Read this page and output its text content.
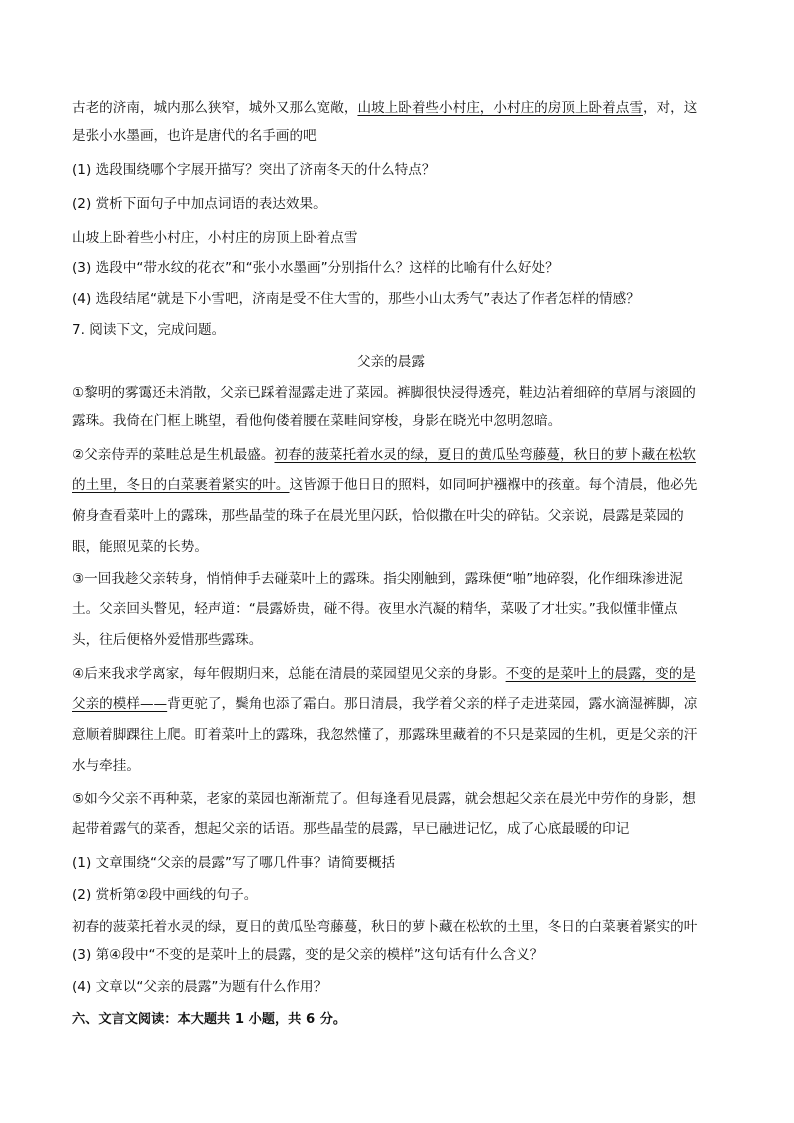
古老的济南，城内那么狭窄，城外又那么宽敞，山坡上卧着些小村庄，小村庄的房顶上卧着点雪，对，这
是张小水墨画，也许是唐代的名手画的吧
(1) 选段围绕哪个字展开描写？突出了济南冬天的什么特点？
(2) 赏析下面句子中加点词语的表达效果。
山坡上卧着些小村庄，小村庄的房顶上卧着点雪
(3) 选段中“带水纹的花衣”和“张小水墨画”分别指什么？这样的比喻有什么好处？
(4) 选段结尾“就是下小雪吧，济南是受不住大雪的，那些小山太秀气”表达了作者怎样的情感？
7. 阅读下文，完成问题。
父亲的晨露
①黎明的雾霭还未消散，父亲已踩着湿露走进了菜园。裤脚很快浸得透亮，鞋边沾着细碎的草屑与滚圆的
露珠。我倚在门框上眺望，看他佝偻着腰在菜畦间穿梭，身影在晓光中忽明忽暗。
②父亲侍弄的菜畦总是生机最盛。初春的菠菜托着水灵的绿，夏日的黄瓜坠弯藤蔓，秋日的萝卜藏在松软
的土里，冬日的白菜裹着紧实的叶。这皆源于他日日的照料，如同呵护襁褓中的孩童。每个清晨，他必先
俯身查看菜叶上的露珠，那些晶莹的珠子在晨光里闪跃，恰似撒在叶尖的碎钻。父亲说，晨露是菜园的
眼，能照见菜的长势。
③一回我趁父亲转身，悄悄伸手去碰菜叶上的露珠。指尖刚触到，露珠便“啪”地碎裂，化作细珠渗进泥
土。父亲回头瞥见，轻声道：“晨露娇贵，碰不得。夜里水汽凝的精华，菜吸了才壮实。”我似懂非懂点
头，往后便格外爱惜那些露珠。
④后来我求学离家，每年假期归来，总能在清晨的菜园望见父亲的身影。不变的是菜叶上的晨露，变的是
父亲的模样——背更驼了，鬓角也添了霜白。那日清晨，我学着父亲的样子走进菜园，露水滴湿裤脚，凉
意顺着脚踝往上爬。盯着菜叶上的露珠，我忽然懂了，那露珠里藏着的不只是菜园的生机，更是父亲的汗
水与牵挂。
⑤如今父亲不再种菜，老家的菜园也渐渐荒了。但每逢看见晨露，就会想起父亲在晨光中劳作的身影，想
起带着露气的菜香，想起父亲的话语。那些晶莹的晨露，早已融进记忆，成了心底最暖的印记
(1) 文章围绕“父亲的晨露”写了哪几件事？请简要概括
(2) 赏析第②段中画线的句子。
初春的菠菜托着水灵的绿，夏日的黄瓜坠弯藤蔓，秋日的萝卜藏在松软的土里，冬日的白菜裹着紧实的叶
(3) 第④段中“不变的是菜叶上的晨露，变的是父亲的模样”这句话有什么含义？
(4) 文章以“父亲的晨露”为题有什么作用？
六、文言文阅读：本大题共 1 小题，共 6 分。
